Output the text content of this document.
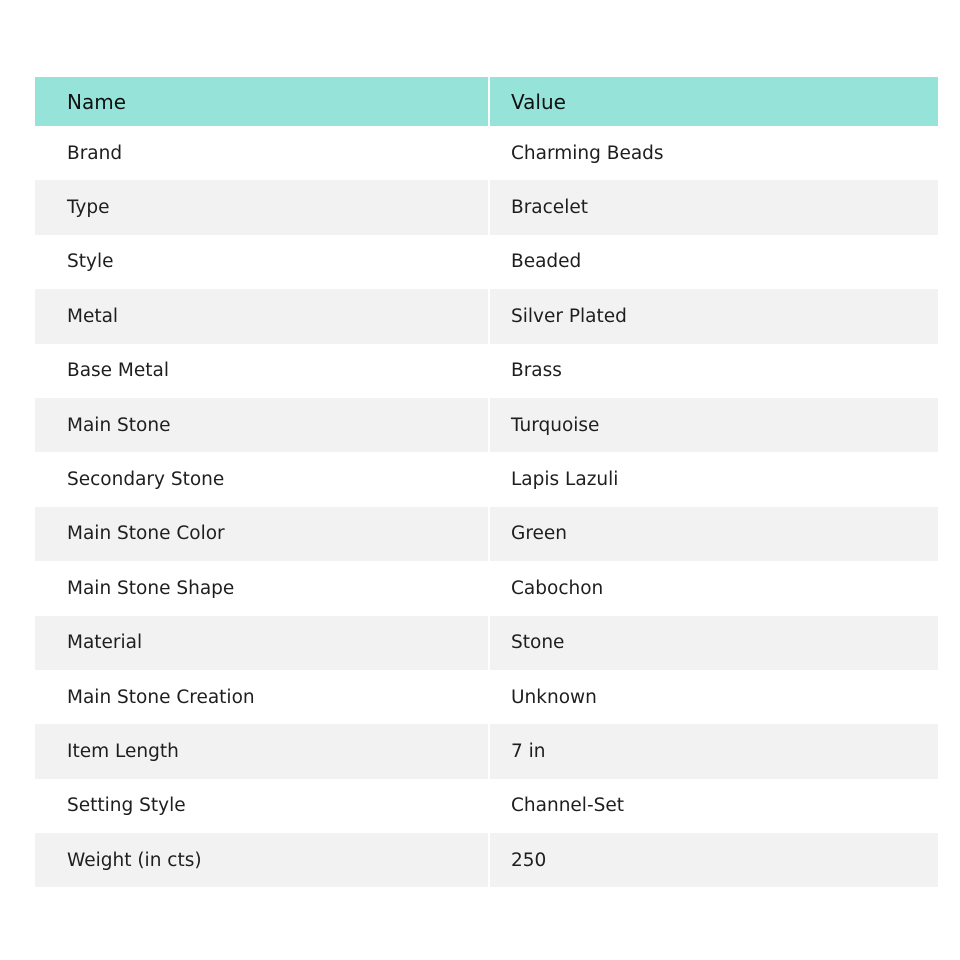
Name	Value
Brand	Charming Beads
Type	Bracelet
Style	Beaded
Metal	Silver Plated
Base Metal	Brass
Main Stone	Turquoise
Secondary Stone	Lapis Lazuli
Main Stone Color	Green
Main Stone Shape	Cabochon
Material	Stone
Main Stone Creation	Unknown
Item Length	7 in
Setting Style	Channel-Set
Weight (in cts)	250
